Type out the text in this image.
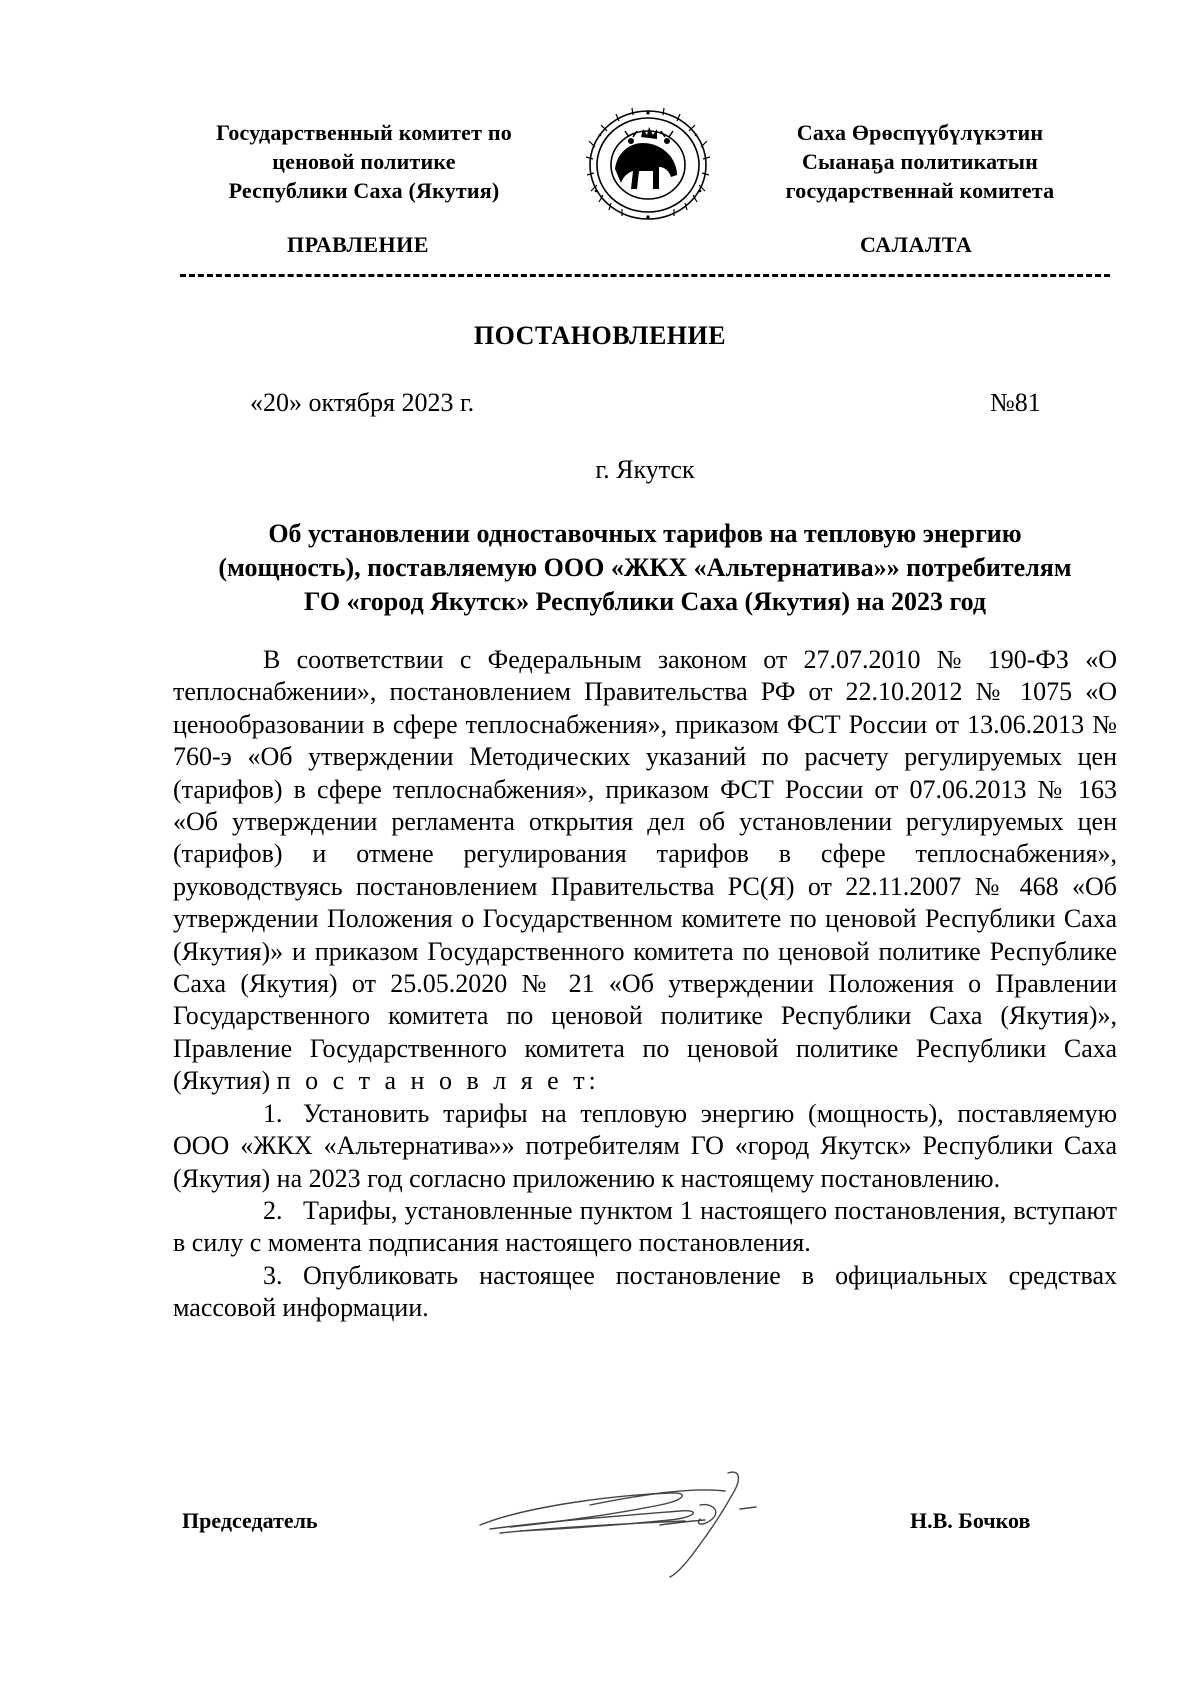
Государственный комитет по
ценовой политике
Республики Саха (Якутия)
Саха Өрөспүүбүлүкэтин
Сыанаҕа политикатын
государственнай комитета
ПРАВЛЕНИЕ	САЛАЛТА
ПОСТАНОВЛЕНИЕ
«20» октября 2023 г.	№81
г. Якутск
Об установлении одноставочных тарифов на тепловую энергию
(мощность), поставляемую ООО «ЖКХ «Альтернатива»» потребителям
ГО «город Якутск» Республики Саха (Якутия) на 2023 год

В соответствии с Федеральным законом от 27.07.2010 № 190-ФЗ «О теплоснабжении», постановлением Правительства РФ от 22.10.2012 № 1075 «О ценообразовании в сфере теплоснабжения», приказом ФСТ России от 13.06.2013 № 760-э «Об утверждении Методических указаний по расчету регулируемых цен (тарифов) в сфере теплоснабжения», приказом ФСТ России от 07.06.2013 № 163 «Об утверждении регламента открытия дел об установлении регулируемых цен (тарифов) и отмене регулирования тарифов в сфере теплоснабжения», руководствуясь постановлением Правительства РС(Я) от 22.11.2007 № 468 «Об утверждении Положения о Государственном комитете по ценовой Республики Саха (Якутия)» и приказом Государственного комитета по ценовой политике Республике Саха (Якутия) от 25.05.2020 № 21 «Об утверждении Положения о Правлении Государственного комитета по ценовой политике Республики Саха (Якутия)», Правление Государственного комитета по ценовой политике Республики Саха (Якутия) п о с т а н о в л я е т:

1. Установить тарифы на тепловую энергию (мощность), поставляемую ООО «ЖКХ «Альтернатива»» потребителям ГО «город Якутск» Республики Саха (Якутия) на 2023 год согласно приложению к настоящему постановлению.

2. Тарифы, установленные пунктом 1 настоящего постановления, вступают в силу с момента подписания настоящего постановления.

3. Опубликовать настоящее постановление в официальных средствах массовой информации.

Председатель	Н.В. Бочков
